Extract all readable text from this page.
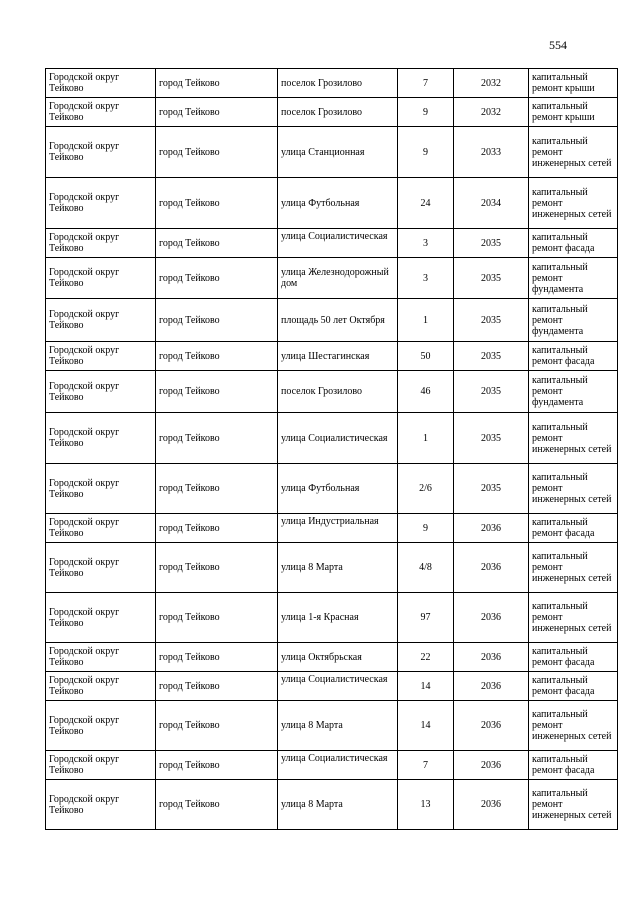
554
Городской округ Тейково	город Тейково	поселок Грозилово	7	2032	капитальный ремонт крыши
Городской округ Тейково	город Тейково	поселок Грозилово	9	2032	капитальный ремонт крыши
Городской округ Тейково	город Тейково	улица Станционная	9	2033	капитальный ремонт инженерных сетей
Городской округ Тейково	город Тейково	улица Футбольная	24	2034	капитальный ремонт инженерных сетей
Городской округ Тейково	город Тейково	улица Социалистическая	3	2035	капитальный ремонт фасада
Городской округ Тейково	город Тейково	улица Железнодорожный дом	3	2035	капитальный ремонт фундамента
Городской округ Тейково	город Тейково	площадь 50 лет Октября	1	2035	капитальный ремонт фундамента
Городской округ Тейково	город Тейково	улица Шестагинская	50	2035	капитальный ремонт фасада
Городской округ Тейково	город Тейково	поселок Грозилово	46	2035	капитальный ремонт фундамента
Городской округ Тейково	город Тейково	улица Социалистическая	1	2035	капитальный ремонт инженерных сетей
Городской округ Тейково	город Тейково	улица Футбольная	2/6	2035	капитальный ремонт инженерных сетей
Городской округ Тейково	город Тейково	улица Индустриальная	9	2036	капитальный ремонт фасада
Городской округ Тейково	город Тейково	улица 8 Марта	4/8	2036	капитальный ремонт инженерных сетей
Городской округ Тейково	город Тейково	улица 1-я Красная	97	2036	капитальный ремонт инженерных сетей
Городской округ Тейково	город Тейково	улица Октябрьская	22	2036	капитальный ремонт фасада
Городской округ Тейково	город Тейково	улица Социалистическая	14	2036	капитальный ремонт фасада
Городской округ Тейково	город Тейково	улица 8 Марта	14	2036	капитальный ремонт инженерных сетей
Городской округ Тейково	город Тейково	улица Социалистическая	7	2036	капитальный ремонт фасада
Городской округ Тейково	город Тейково	улица 8 Марта	13	2036	капитальный ремонт инженерных сетей
